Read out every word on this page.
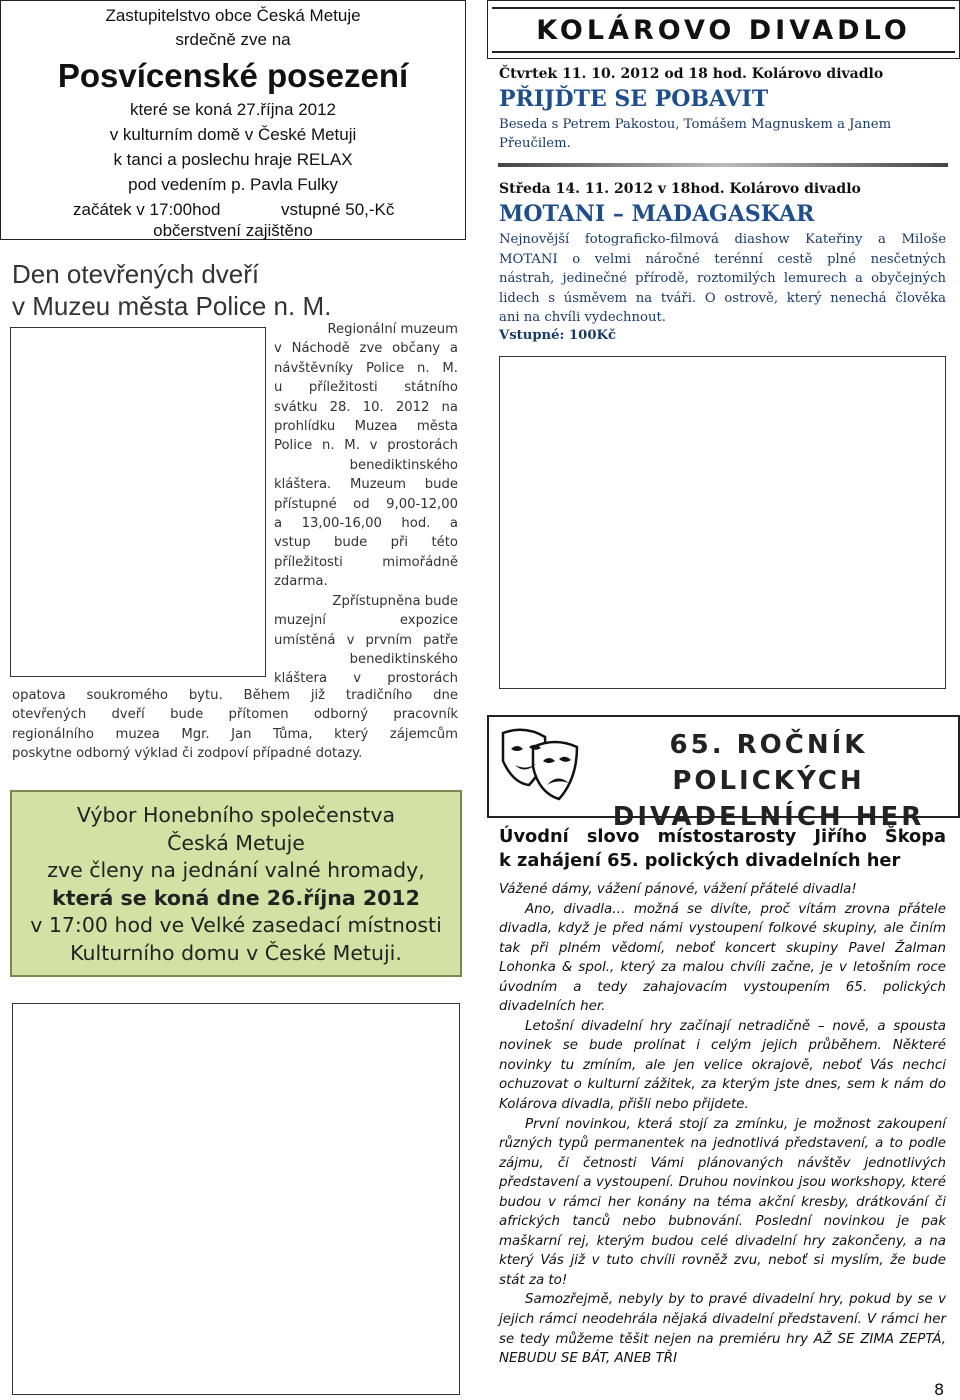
Zastupitelstvo obce Česká Metuje
srdečně zve na
Posvícenské posezení
které se koná 27.října 2012
v kulturním domě v České Metuji
k tanci a poslechu hraje RELAX
pod vedením p. Pavla Fulky
začátek v 17:00hod	vstupné 50,-Kč
občerstvení zajištěno
Den otevřených dveří
v Muzeu města Police n. M.
Regionální muzeum
v Náchodě zve občany a
návštěvníky Police n. M.
u příležitosti státního
svátku 28. 10. 2012 na
prohlídku Muzea města
Police n. M. v prostorách
benediktinského
kláštera. Muzeum bude
přístupné od 9,00-12,00
a 13,00-16,00 hod. a
vstup bude při této
příležitosti mimořádně
zdarma.
Zpřístupněna bude
muzejní expozice
umístěná v prvním patře
benediktinského
kláštera v prostorách
opatova soukromého bytu. Během již tradičního dne
otevřených dveří bude přítomen odborný pracovník
regionálního muzea Mgr. Jan Tůma, který zájemcům
poskytne odborný výklad či zodpoví případné dotazy.
Výbor Honebního společenstva
Česká Metuje
zve členy na jednání valné hromady,
která se koná dne 26.října 2012
v 17:00 hod ve Velké zasedací místnosti
Kulturního domu v České Metuji.
KOLÁROVO DIVADLO
Čtvrtek 11. 10. 2012 od 18 hod. Kolárovo divadlo
PŘIJĎTE SE POBAVIT
Beseda s Petrem Pakostou, Tomášem Magnuskem a Janem
Přeučilem.
Středa 14. 11. 2012 v 18hod. Kolárovo divadlo
MOTANI – MADAGASKAR
Nejnovější fotograficko-filmová diashow Kateřiny a Miloše
MOTANI o velmi náročné terénní cestě plné nesčetných
nástrah, jedinečné přírodě, roztomilých lemurech a obyčejných
lidech s úsměvem na tváři. O ostrově, který nenechá člověka
ani na chvíli vydechnout.
Vstupné: 100Kč
65. ROČNÍK POLICKÝCH
DIVADELNÍCH HER
Úvodní slovo místostarosty Jiřího Škopa
k zahájení 65. polických divadelních her

Vážené dámy, vážení pánové, vážení přátelé divadla!

Ano, divadla… možná se divíte, proč vítám zrovna přátele divadla, když je před námi vystoupení folkové skupiny, ale činím tak při plném vědomí, neboť koncert skupiny Pavel Žalman Lohonka & spol., který za malou chvíli začne, je v letošním roce úvodním a tedy zahajovacím vystoupením 65. polických divadelních her.

Letošní divadelní hry začínají netradičně – nově, a spousta novinek se bude prolínat i celým jejich průběhem. Některé novinky tu zmíním, ale jen velice okrajově, neboť Vás nechci ochuzovat o kulturní zážitek, za kterým jste dnes, sem k nám do Kolárova divadla, přišli nebo přijdete.

První novinkou, která stojí za zmínku, je možnost zakoupení různých typů permanentek na jednotlivá představení, a to podle zájmu, či četnosti Vámi plánovaných návštěv jednotlivých představení a vystoupení. Druhou novinkou jsou workshopy, které budou v rámci her konány na téma akční kresby, drátkování či afrických tanců nebo bubnování. Poslední novinkou je pak maškarní rej, kterým budou celé divadelní hry zakončeny, a na který Vás již v tuto chvíli rovněž zvu, neboť si myslím, že bude stát za to!

Samozřejmě, nebyly by to pravé divadelní hry, pokud by se v jejich rámci neodehrála nějaká divadelní představení. V rámci her se tedy můžeme těšit nejen na premiéru hry AŽ SE ZIMA ZEPTÁ, NEBUDU SE BÁT, ANEB TŘI

8
